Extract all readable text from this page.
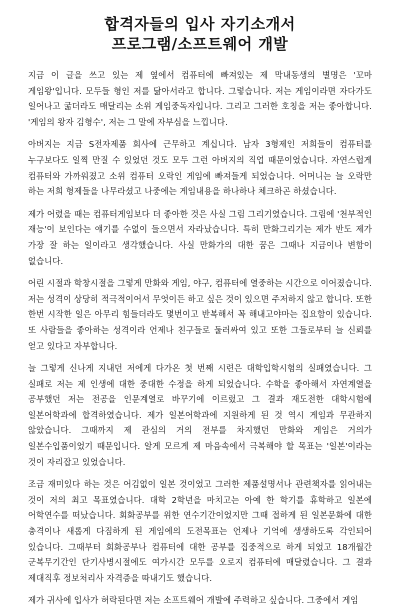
합격자들의 입사 자기소개서
프로그램/소프트웨어 개발

지금 이 글을 쓰고 있는 제 옆에서 컴퓨터에 빠져있는 제 막내동생의 별명은 '꼬마 게임왕'입니다. 모두들 형인 저를 닮아서라고 합니다. 그렇습니다. 저는 게임이라면 자다가도 일어나고 굶더라도 매달리는 소위 게임중독자입니다. 그리고 그러한 호칭을 저는 좋아합니다. '게임의 왕자 김형수', 저는 그 말에 자부심을 느낍니다.

아버지는 지금 S전자제품 회사에 근무하고 계십니다. 남자 3형제인 저희들이 컴퓨터를 누구보다도 일찍 만질 수 있었던 것도 모두 그런 아버지의 직업 때문이었습니다. 자연스럽게 컴퓨터와 가까워졌고 소위 컴퓨터 오락인 게임에 빠져들게 되었습니다. 어머니는 늘 오락만 하는 저희 형제들을 나무라셨고 나중에는 게임내용을 하나하나 체크하곤 하셨습니다.

제가 어렸을 때는 컴퓨터게임보다 더 좋아한 것은 사실 그림 그리기였습니다. 그림에 '천부적인 재능'이 보인다는 얘기를 수없이 들으면서 자라났습니다. 특히 만화그리기는 제가 반도 제가 가장 잘 하는 일이라고 생각했습니다. 사실 만화가의 대한 꿈은 그때나 지금이나 변함이 없습니다.

어린 시절과 학창시절을 그렇게 만화와 게임, 야구, 컴퓨터에 열중하는 시간으로 이어졌습니다. 저는 성격이 상당히 적극적이어서 무엇이든 하고 싶은 것이 있으면 주저하지 않고 합니다. 또한 한번 시작한 일은 아무리 힘들더라도 몇번이고 반복해서 꼭 해내고야마는 집요함이 있습니다. 또 사람들을 좋아하는 성격이라 언제나 친구들로 둘러싸여 있고 또한 그들로부터 늘 신뢰를 얻고 있다고 자부합니다.

늘 그렇게 신나게 지내던 저에게 다가온 첫 번째 시련은 대학입학시험의 실패였습니다. 그 실패로 저는 제 인생에 대한 중대한 수정을 하게 되었습니다. 수학을 좋아해서 자연계열을 공부했던 저는 전공을 인문계열로 바꾸기에 이르렀고 그 결과 재도전한 대학시험에 일본어학과에 합격하였습니다. 제가 일본어학과에 지원하게 된 것 역시 게임과 무관하지 않았습니다. 그때까지 제 관심의 거의 전부를 차지했던 만화와 게임은 거의가 일본수입품이었기 때문입니다. 알게 모르게 제 마음속에서 극복해야 할 목표는 '일본'이라는 것이 자리잡고 있었습니다.

조금 재미있다 하는 것은 어김없이 일본 것이었고 그러한 제품설명서나 관련책자를 읽어내는 것이 저의 최고 목표였습니다. 대학 2학년을 마치고는 아예 한 학기를 휴학하고 일본에 어학연수를 떠났습니다. 회화공부를 위한 연수기간이었지만 그때 접하게 된 일본문화에 대한 충격이나 새롭게 다짐하게 된 게임에의 도전목표는 언제나 기억에 생생하도록 각인되어 있습니다. 그때부터 회화공부나 컴퓨터에 대한 공부를 집중적으로 하게 되었고 18개월간 군복무기간인 단기사병시절에도 여가시간 모두를 오로지 컴퓨터에 매달렸습니다. 그 결과 제대직후 정보처리사 자격증을 따내기도 했습니다.

제가 귀사에 입사가 허락된다면 저는 소프트웨어 개발에 주력하고 싶습니다. 그중에서 게임
